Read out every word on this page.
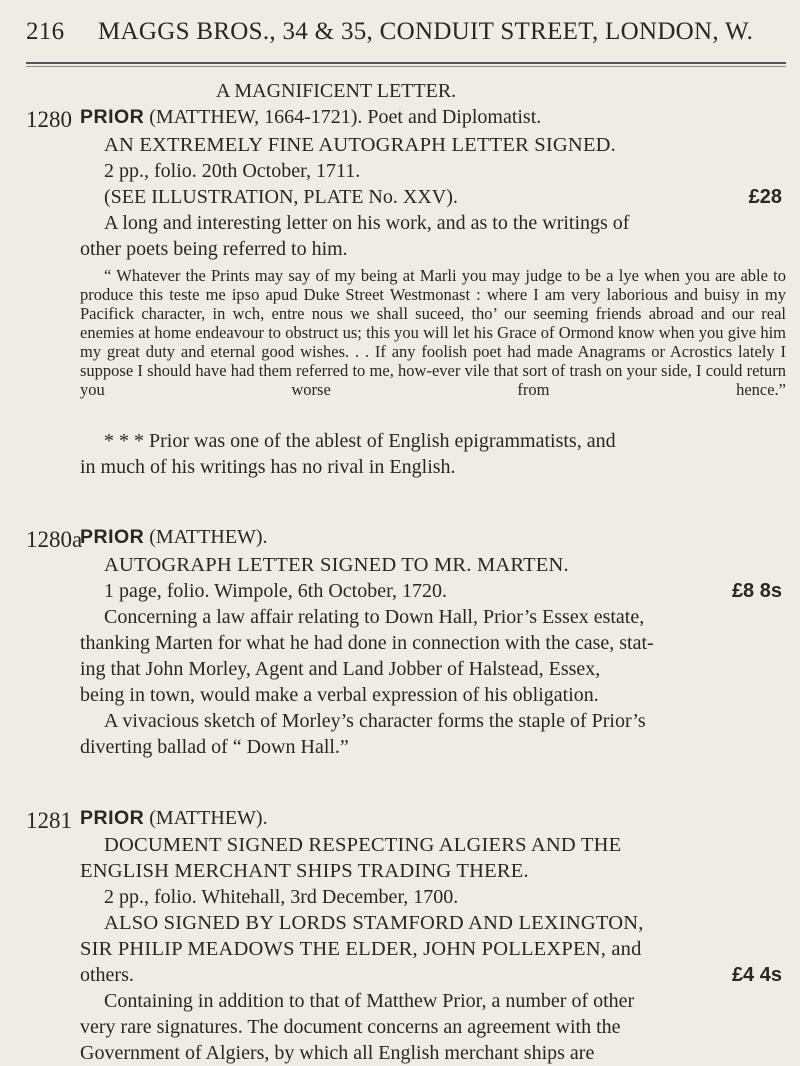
216 MAGGS BROS., 34 & 35, CONDUIT STREET, LONDON, W.
A MAGNIFICENT LETTER.
1280 PRIOR (MATTHEW, 1664-1721). Poet and Diplomatist.
AN EXTREMELY FINE AUTOGRAPH LETTER SIGNED.
2 pp., folio. 20th October, 1711.
(SEE ILLUSTRATION, PLATE No. XXV).	£28
A long and interesting letter on his work, and as to the writings of
other poets being referred to him.
“ Whatever the Prints may say of my being at Marli you may judge to be a lye when you are able to produce this teste me ipso apud Duke Street Westmonast : where I am very laborious and buisy in my Pacifick character, in wch, entre nous we shall suceed, tho’ our seeming friends abroad and our real enemies at home endeavour to obstruct us; this you will let his Grace of Ormond know when you give him my great duty and eternal good wishes. . . If any foolish poet had made Anagrams or Acrostics lately I suppose I should have had them referred to me, how-ever vile that sort of trash on your side, I could return you worse from hence.”
* * * Prior was one of the ablest of English epigrammatists, and
in much of his writings has no rival in English.
1280a
PRIOR (MATTHEW).
AUTOGRAPH LETTER SIGNED TO MR. MARTEN.
1 page, folio. Wimpole, 6th October, 1720.	£8 8s
Concerning a law affair relating to Down Hall, Prior’s Essex estate,
thanking Marten for what he had done in connection with the case, stat-
ing that John Morley, Agent and Land Jobber of Halstead, Essex,
being in town, would make a verbal expression of his obligation.
A vivacious sketch of Morley’s character forms the staple of Prior’s
diverting ballad of “ Down Hall.”
1281 PRIOR (MATTHEW).
DOCUMENT SIGNED RESPECTING ALGIERS AND THE
ENGLISH MERCHANT SHIPS TRADING THERE.
2 pp., folio. Whitehall, 3rd December, 1700.
ALSO SIGNED BY LORDS STAMFORD AND LEXINGTON,
SIR PHILIP MEADOWS THE ELDER, JOHN POLLEXPEN, and
others.	£4 4s
Containing in addition to that of Matthew Prior, a number of other
very rare signatures. The document concerns an agreement with the
Government of Algiers, by which all English merchant ships are
